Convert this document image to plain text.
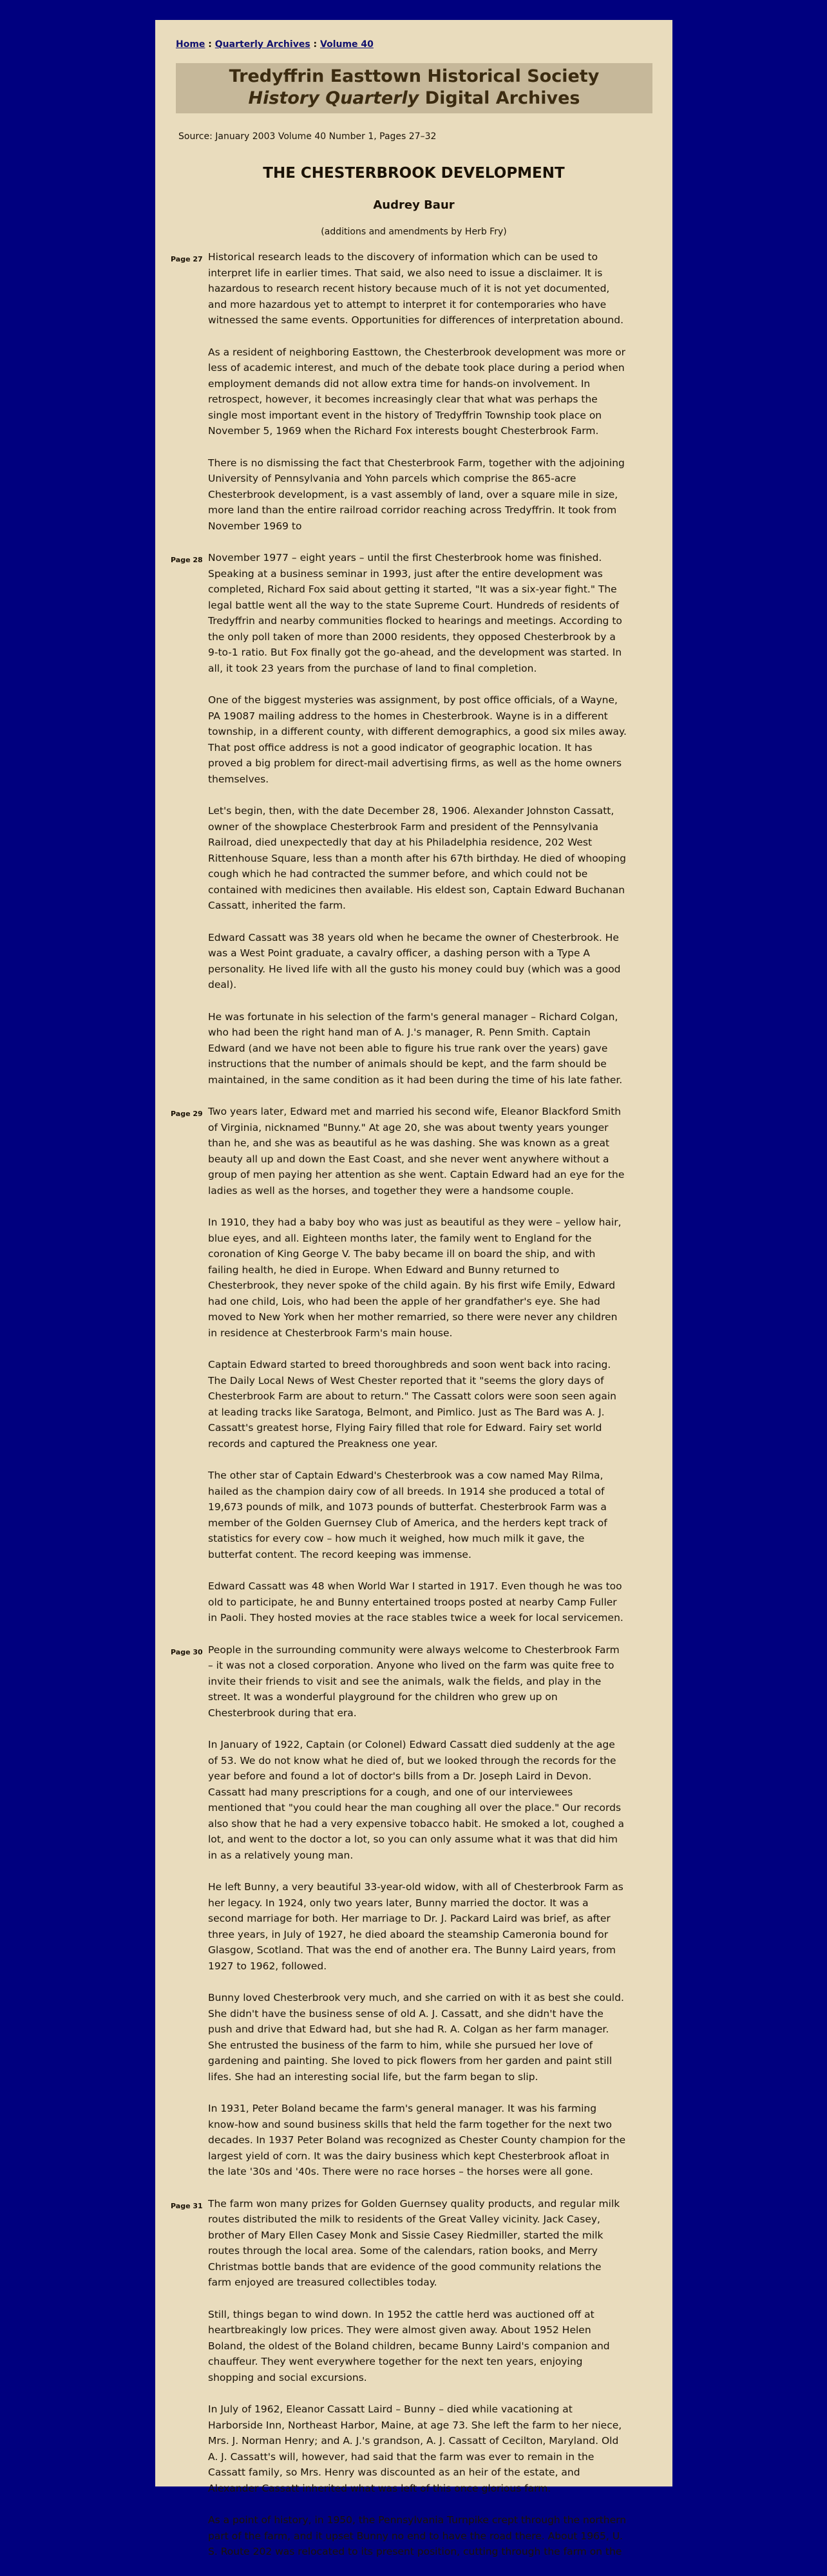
Home : Quarterly Archives : Volume 40
Tredyffrin Easttown Historical Society
History Quarterly Digital Archives
Source: January 2003 Volume 40 Number 1, Pages 27–32
THE CHESTERBROOK DEVELOPMENT
Audrey Baur
(additions and amendments by Herb Fry)

Page 27 Historical research leads to the discovery of information which can be used to interpret life in earlier times. That said, we also need to issue a disclaimer. It is hazardous to research recent history because much of it is not yet documented, and more hazardous yet to attempt to interpret it for contemporaries who have witnessed the same events. Opportunities for differences of interpretation abound.

As a resident of neighboring Easttown, the Chesterbrook development was more or less of academic interest, and much of the debate took place during a period when employment demands did not allow extra time for hands-on involvement. In retrospect, however, it becomes increasingly clear that what was perhaps the single most important event in the history of Tredyffrin Township took place on November 5, 1969 when the Richard Fox interests bought Chesterbrook Farm.

There is no dismissing the fact that Chesterbrook Farm, together with the adjoining University of Pennsylvania and Yohn parcels which comprise the 865-acre Chesterbrook development, is a vast assembly of land, over a square mile in size, more land than the entire railroad corridor reaching across Tredyffrin. It took from November 1969 to

Page 28 November 1977 – eight years – until the first Chesterbrook home was finished. Speaking at a business seminar in 1993, just after the entire development was completed, Richard Fox said about getting it started, "It was a six-year fight." The legal battle went all the way to the state Supreme Court. Hundreds of residents of Tredyffrin and nearby communities flocked to hearings and meetings. According to the only poll taken of more than 2000 residents, they opposed Chesterbrook by a 9-to-1 ratio. But Fox finally got the go-ahead, and the development was started. In all, it took 23 years from the purchase of land to final completion.

One of the biggest mysteries was assignment, by post office officials, of a Wayne, PA 19087 mailing address to the homes in Chesterbrook. Wayne is in a different township, in a different county, with different demographics, a good six miles away. That post office address is not a good indicator of geographic location. It has proved a big problem for direct-mail advertising firms, as well as the home owners themselves.

Let's begin, then, with the date December 28, 1906. Alexander Johnston Cassatt, owner of the showplace Chesterbrook Farm and president of the Pennsylvania Railroad, died unexpectedly that day at his Philadelphia residence, 202 West Rittenhouse Square, less than a month after his 67th birthday. He died of whooping cough which he had contracted the summer before, and which could not be contained with medicines then available. His eldest son, Captain Edward Buchanan Cassatt, inherited the farm.

Edward Cassatt was 38 years old when he became the owner of Chesterbrook. He was a West Point graduate, a cavalry officer, a dashing person with a Type A personality. He lived life with all the gusto his money could buy (which was a good deal).

He was fortunate in his selection of the farm's general manager – Richard Colgan, who had been the right hand man of A. J.'s manager, R. Penn Smith. Captain Edward (and we have not been able to figure his true rank over the years) gave instructions that the number of animals should be kept, and the farm should be maintained, in the same condition as it had been during the time of his late father.

Page 29 Two years later, Edward met and married his second wife, Eleanor Blackford Smith of Virginia, nicknamed "Bunny." At age 20, she was about twenty years younger than he, and she was as beautiful as he was dashing. She was known as a great beauty all up and down the East Coast, and she never went anywhere without a group of men paying her attention as she went. Captain Edward had an eye for the ladies as well as the horses, and together they were a handsome couple.

In 1910, they had a baby boy who was just as beautiful as they were – yellow hair, blue eyes, and all. Eighteen months later, the family went to England for the coronation of King George V. The baby became ill on board the ship, and with failing health, he died in Europe. When Edward and Bunny returned to Chesterbrook, they never spoke of the child again. By his first wife Emily, Edward had one child, Lois, who had been the apple of her grandfather's eye. She had moved to New York when her mother remarried, so there were never any children in residence at Chesterbrook Farm's main house.

Captain Edward started to breed thoroughbreds and soon went back into racing. The Daily Local News of West Chester reported that it "seems the glory days of Chesterbrook Farm are about to return." The Cassatt colors were soon seen again at leading tracks like Saratoga, Belmont, and Pimlico. Just as The Bard was A. J. Cassatt's greatest horse, Flying Fairy filled that role for Edward. Fairy set world records and captured the Preakness one year.

The other star of Captain Edward's Chesterbrook was a cow named May Rilma, hailed as the champion dairy cow of all breeds. In 1914 she produced a total of 19,673 pounds of milk, and 1073 pounds of butterfat. Chesterbrook Farm was a member of the Golden Guernsey Club of America, and the herders kept track of statistics for every cow – how much it weighed, how much milk it gave, the butterfat content. The record keeping was immense.

Edward Cassatt was 48 when World War I started in 1917. Even though he was too old to participate, he and Bunny entertained troops posted at nearby Camp Fuller in Paoli. They hosted movies at the race stables twice a week for local servicemen.

Page 30 People in the surrounding community were always welcome to Chesterbrook Farm – it was not a closed corporation. Anyone who lived on the farm was quite free to invite their friends to visit and see the animals, walk the fields, and play in the street. It was a wonderful playground for the children who grew up on Chesterbrook during that era.

In January of 1922, Captain (or Colonel) Edward Cassatt died suddenly at the age of 53. We do not know what he died of, but we looked through the records for the year before and found a lot of doctor's bills from a Dr. Joseph Laird in Devon. Cassatt had many prescriptions for a cough, and one of our interviewees mentioned that "you could hear the man coughing all over the place." Our records also show that he had a very expensive tobacco habit. He smoked a lot, coughed a lot, and went to the doctor a lot, so you can only assume what it was that did him in as a relatively young man.

He left Bunny, a very beautiful 33-year-old widow, with all of Chesterbrook Farm as her legacy. In 1924, only two years later, Bunny married the doctor. It was a second marriage for both. Her marriage to Dr. J. Packard Laird was brief, as after three years, in July of 1927, he died aboard the steamship Cameronia bound for Glasgow, Scotland. That was the end of another era. The Bunny Laird years, from 1927 to 1962, followed.

Bunny loved Chesterbrook very much, and she carried on with it as best she could. She didn't have the business sense of old A. J. Cassatt, and she didn't have the push and drive that Edward had, but she had R. A. Colgan as her farm manager. She entrusted the business of the farm to him, while she pursued her love of gardening and painting. She loved to pick flowers from her garden and paint still lifes. She had an interesting social life, but the farm began to slip.

In 1931, Peter Boland became the farm's general manager. It was his farming know-how and sound business skills that held the farm together for the next two decades. In 1937 Peter Boland was recognized as Chester County champion for the largest yield of corn. It was the dairy business which kept Chesterbrook afloat in the late '30s and '40s. There were no race horses – the horses were all gone.

Page 31 The farm won many prizes for Golden Guernsey quality products, and regular milk routes distributed the milk to residents of the Great Valley vicinity. Jack Casey, brother of Mary Ellen Casey Monk and Sissie Casey Riedmiller, started the milk routes through the local area. Some of the calendars, ration books, and Merry Christmas bottle bands that are evidence of the good community relations the farm enjoyed are treasured collectibles today.

Still, things began to wind down. In 1952 the cattle herd was auctioned off at heartbreakingly low prices. They were almost given away. About 1952 Helen Boland, the oldest of the Boland children, became Bunny Laird's companion and chauffeur. They went everywhere together for the next ten years, enjoying shopping and social excursions.

In July of 1962, Eleanor Cassatt Laird – Bunny – died while vacationing at Harborside Inn, Northeast Harbor, Maine, at age 73. She left the farm to her niece, Mrs. J. Norman Henry; and A. J.'s grandson, A. J. Cassatt of Cecilton, Maryland. Old A. J. Cassatt's will, however, had said that the farm was ever to remain in the Cassatt family, so Mrs. Henry was discounted as an heir of the estate, and Alexander Cassatt inherited what was left of this once glorious farm.

As a point of history, in 1950, the Pennsylvania Turnpike crept through the northern part of the farm, and it upset Bunny no end to have the road there. About 1965, U. S. Route 202 was relocated to its present position, cutting through the farm on the
